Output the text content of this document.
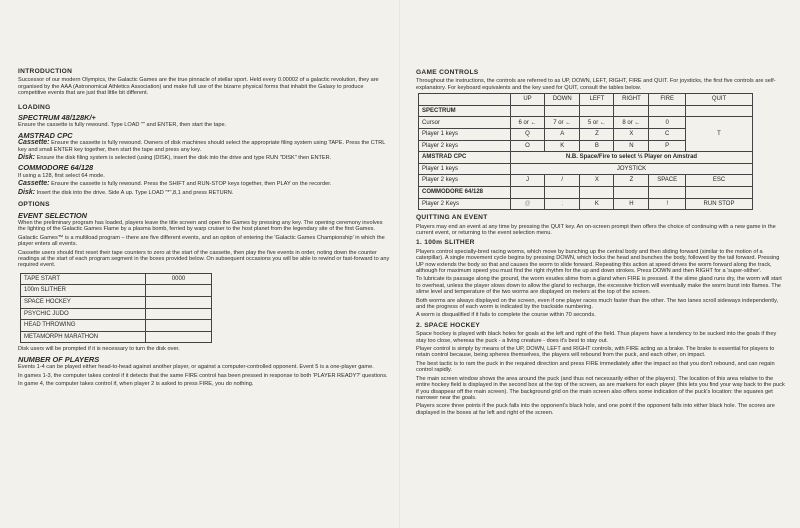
INTRODUCTION
Successor of our modern Olympics, the Galactic Games are the true pinnacle of stellar sport. Held every 0.00002 of a galactic revolution, they are organised by the AAA (Astronomical Athletics Association) and make full use of the bizarre physical forms that inhabit the Galaxy to produce competitive events that are just that little bit different.
LOADING
SPECTRUM 48/128K/+
Ensure the cassette is fully rewound. Type LOAD "" and ENTER, then start the tape.
AMSTRAD CPC
Cassette: Ensure the cassette is fully rewound. Owners of disk machines should select the appropriate filing system using TAPE. Press the CTRL key and small ENTER key together, then start the tape and press any key.
Disk: Ensure the disk filing system is selected (using |DISK), insert the disk into the drive and type RUN "DISK" then ENTER.
COMMODORE 64/128
If using a 128, first select 64 mode.
Cassette: Ensure the cassette is fully rewound. Press the SHIFT and RUN-STOP keys together, then PLAY on the recorder.
Disk: Insert the disk into the drive. Side A up. Type LOAD "*",8,1 and press RETURN.
OPTIONS
EVENT SELECTION
When the preliminary program has loaded, players leave the title screen and open the Games by pressing any key. The opening ceremony involves the lighting of the Galactic Games Flame by a plasma bomb, ferried by warp cruiser to the host planet from the legendary site of the first Games.
Galactic Games™ is a multiload program – there are five different events, and an option of entering the 'Galactic Games Championship' in which the player enters all events.
Cassette users should first reset their tape counters to zero at the start of the cassette, then play the five events in order, noting down the counter readings at the start of each program segment in the boxes provided below. On subsequent occasions you will be able to rewind or fast-forward to any required event.
TAPE START	0000
100m SLITHER	
SPACE HOCKEY	
PSYCHIC JUDO	
HEAD THROWING	
METAMORPH MARATHON	
Disk users will be prompted if it is necessary to turn the disk over.
NUMBER OF PLAYERS
Events 1-4 can be played either head-to-head against another player, or against a computer-controlled opponent. Event 5 is a one-player game.
In games 1-3, the computer takes control if it detects that the same FIRE control has been pressed in response to both 'PLAYER READY?' questions.
In game 4, the computer takes control if, when player 2 is asked to press FIRE, you do nothing.
GAME CONTROLS
Throughout the instructions, the controls are referred to as UP, DOWN, LEFT, RIGHT, FIRE and QUIT. For joysticks, the first five controls are self-explanatory. For keyboard equivalents and the key used for QUIT, consult the tables below.
	UP	DOWN	LEFT	RIGHT	FIRE	QUIT
SPECTRUM						
Cursor	6 or ←	7 or ←	5 or ←	8 or ←	0	T
Player 1 keys	Q	A	Z	X	C	
Player 2 keys	O	K	B	N	P	
AMSTRAD CPC	N.B. Space/Fire to select ½ Player on Amstrad					
Player 1 keys	JOYSTICK					
Player 2 keys	J	/	X	Z	SPACE	ESC
COMMODORE 64/128						
Player 2 Keys	@	;	K	H	!	RUN STOP
QUITTING AN EVENT
Players may end an event at any time by pressing the QUIT key. An on-screen prompt then offers the choice of continuing with a new game in the current event, or returning to the event selection menu.
1. 100m SLITHER
Players control specially-bred racing worms, which move by bunching up the central body and then sliding forward (similar to the motion of a caterpillar). A single movement cycle begins by pressing DOWN, which locks the head and bunches the body, followed by the tail forward. Pressing UP now extends the body so that and causes the worm to slide forward. Repeating this action at speed drives the worm forward along the track, although for maximum speed you must find the right rhythm for the up and down strokes. Press DOWN and then RIGHT for a 'super-slither'.
To lubricate its passage along the ground, the worm exudes slime from a gland when FIRE is pressed. If the slime gland runs dry, the worm will start to overheat, unless the player slows down to allow the gland to recharge, the excessive friction will eventually make the worm burst into flames. The slime level and temperature of the two worms are displayed on meters at the top of the screen.
Both worms are always displayed on the screen, even if one player races much faster than the other. The two lanes scroll sideways independently, and the progress of each worm is indicated by the trackside numbering.
A worm is disqualified if it fails to complete the course within 70 seconds.
2. SPACE HOCKEY
Space hockey is played with black holes for goals at the left and right of the field. Thus players have a tendency to be sucked into the goals if they stay too close, whereas the puck - a living creature - does it's best to stay out.
Player control is simply by means of the UP, DOWN, LEFT and RIGHT controls, with FIRE acting as a brake. The brake is essential for players to retain control because, being spheres themselves, the players will rebound from the puck, and each other, on impact.
The best tactic is to ram the puck in the required direction and press FIRE immediately after the impact so that you don't rebound, and can regain control rapidly.
The main screen window shows the area around the puck (and thus not necessarily either of the players). The location of this area relative to the entire hockey field is displayed in the second box at the top of the screen, as are markers for each player (this lets you find your way back to the puck if you disappear off the main screen). The background grid on the main screen also offers some indication of the puck's location: the squares get narrower near the goals.
Players score three points if the puck falls into the opponent's black hole, and one point if the opponent falls into either black hole. The scores are displayed in the boxes at far left and right of the screen.
